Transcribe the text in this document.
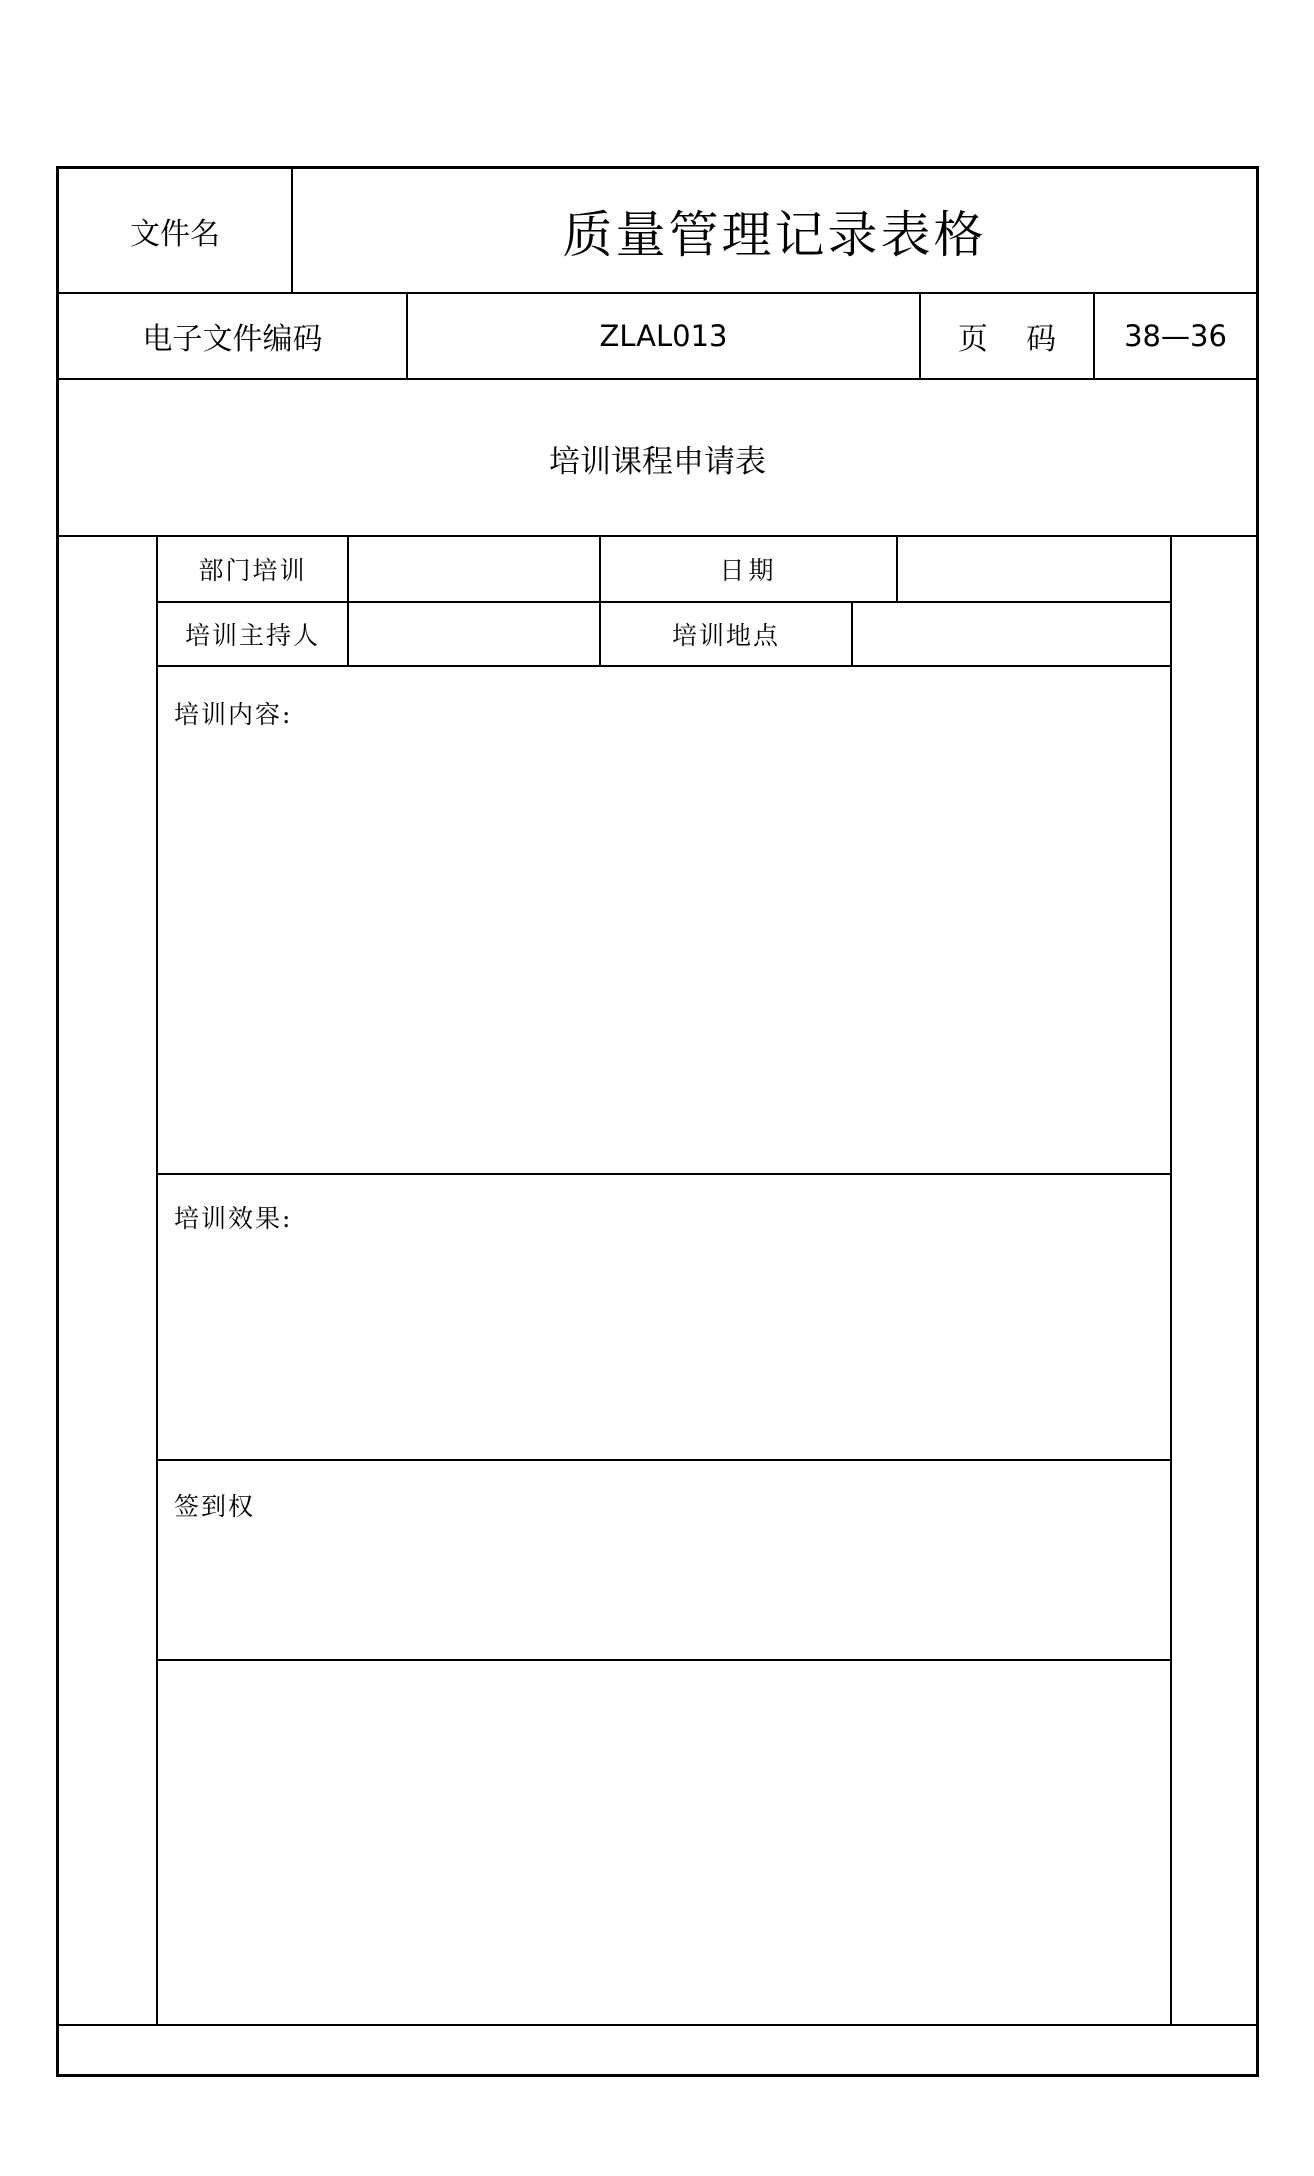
文件名	质量管理记录表格
电子文件编码	ZLAL013	页    码	38—36
培训课程申请表
部门培训	日期
培训主持人	培训地点
培训内容:
培训效果:
签到权
